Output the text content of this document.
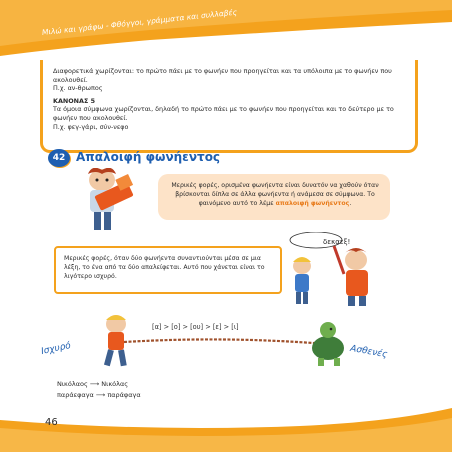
Μιλώ και γράφω - Φθόγγοι, γράμματα και συλλαβές

Διαφορετικά χωρίζονται: το πρώτο πάει με το φωνήεν που προηγείται και τα υπόλοιπα με το φωνήεν που ακολουθεί.

Π.χ. αν-θρωπος

ΚΑΝΟΝΑΣ 5

Τα όμοια σύμφωνα χωρίζονται, δηλαδή το πρώτο πάει με το φωνήεν που προηγείται και το δεύτερο με το φωνήεν που ακολουθεί.

Π.χ. φεγ-γάρι, σύν-νεφο

42 Απαλοιφή φωνήεντος

Μερικές φορές, ορισμένα φωνήεντα είναι δυνατόν να χαθούν όταν βρίσκονται δίπλα σε άλλα φωνήεντα ή ανάμεσα σε σύμφωνα. Το φαινόμενο αυτό το λέμε απαλοιφή φωνήεντος.

δεκαεξ!

Μερικές φορές, όταν δύο φωνήεντα συναντιούνται μέσα σε μια λέξη, το ένα από τα δύο απαλείφεται. Αυτό που χάνεται είναι το λιγότερο ισχυρό.

[α] > [ο] > [ου] > [ε] > [ι]
Ισχυρό	Ασθενές
Νικόλαος ⟶ Νικόλας
παράεφαγα ⟶ παράφαγα
46
